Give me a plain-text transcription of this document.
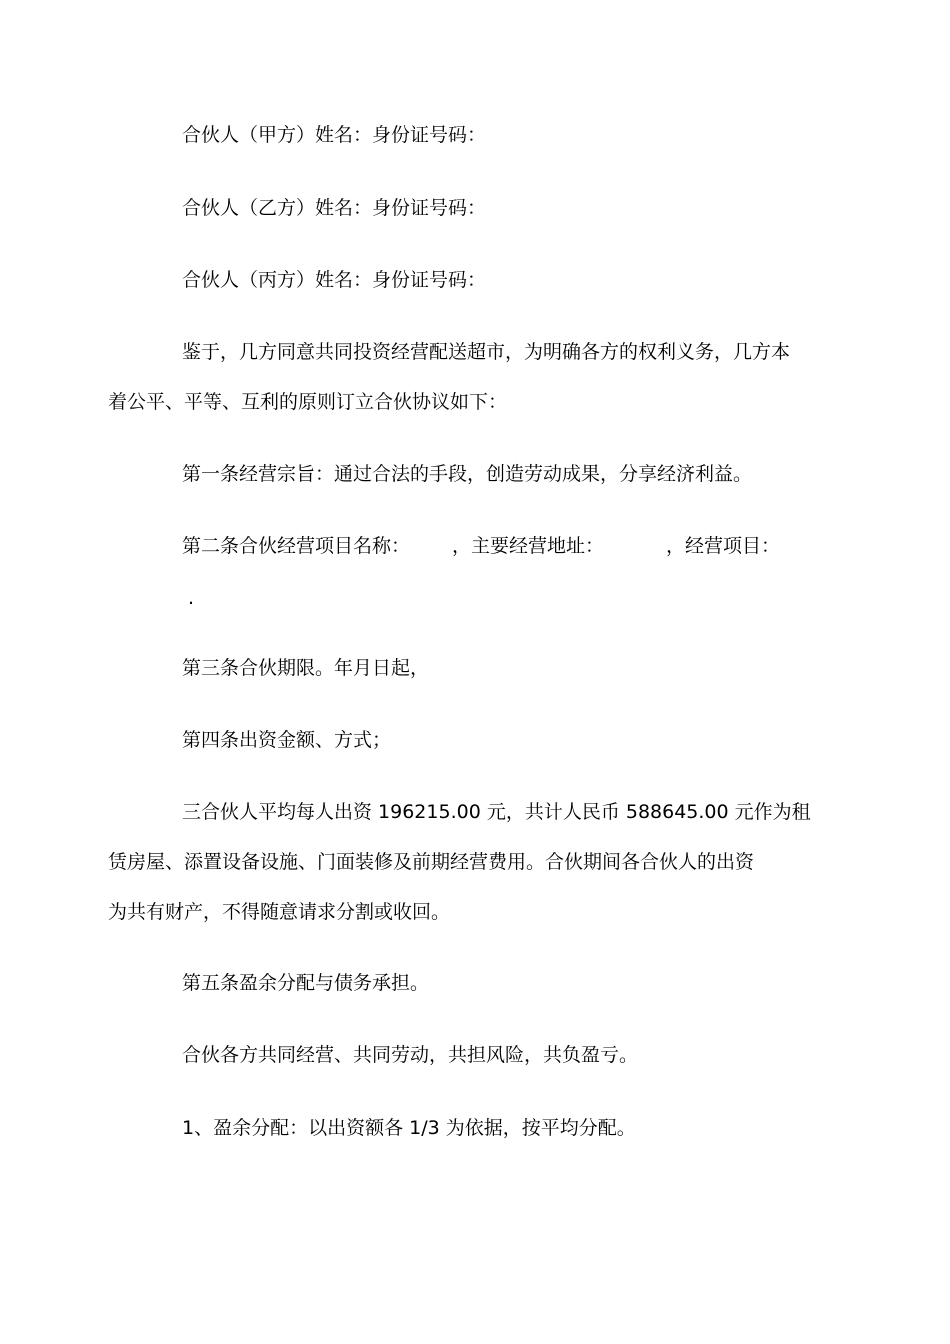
合伙人（甲方）姓名：身份证号码：
合伙人（乙方）姓名：身份证号码：
合伙人（丙方）姓名：身份证号码：
鉴于，几方同意共同投资经营配送超市，为明确各方的权利义务，几方本
着公平、平等、互利的原则订立合伙协议如下：
第一条经营宗旨：通过合法的手段，创造劳动成果，分享经济利益。
第二条合伙经营项目名称： ，主要经营地址：	，经营项目：
.
第三条合伙期限。年月日起，
第四条出资金额、方式；
三合伙人平均每人出资 196215.00 元，共计人民币 588645.00 元作为租
赁房屋、添置设备设施、门面装修及前期经营费用。合伙期间各合伙人的出资
为共有财产，不得随意请求分割或收回。
第五条盈余分配与债务承担。
合伙各方共同经营、共同劳动，共担风险，共负盈亏。
1、盈余分配：以出资额各 1/3 为依据，按平均分配。
